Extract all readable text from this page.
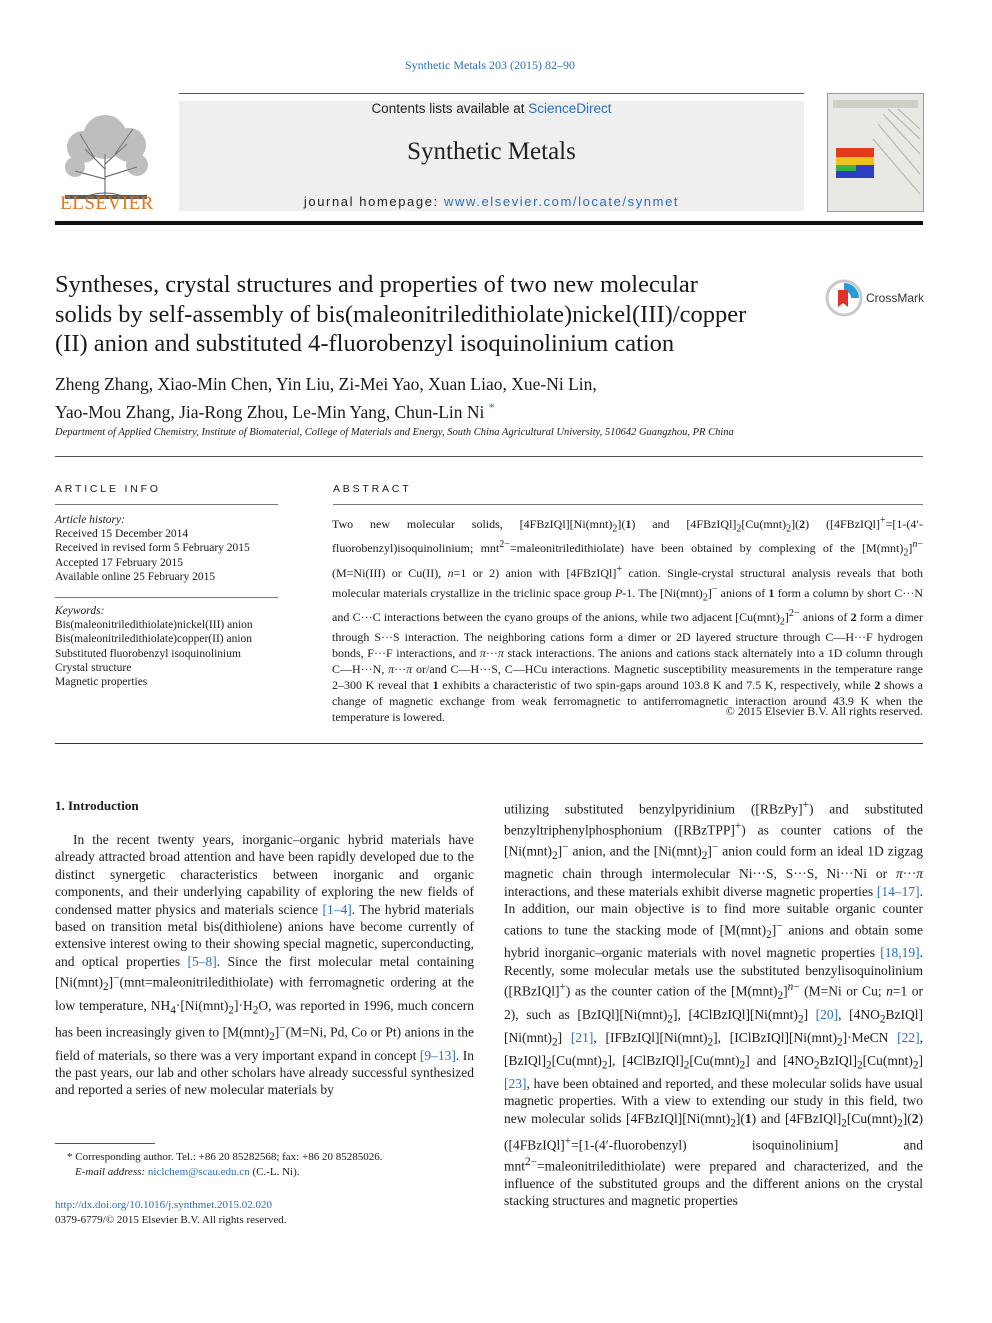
Synthetic Metals 203 (2015) 82–90
ELSEVIER
Contents lists available at ScienceDirect
Synthetic Metals
journal homepage: www.elsevier.com/locate/synmet
Syntheses, crystal structures and properties of two new molecular
solids by self-assembly of bis(maleonitriledithiolate)nickel(III)/copper
(II) anion and substituted 4-fluorobenzyl isoquinolinium cation
CrossMark
Zheng Zhang, Xiao-Min Chen, Yin Liu, Zi-Mei Yao, Xuan Liao, Xue-Ni Lin,
Yao-Mou Zhang, Jia-Rong Zhou, Le-Min Yang, Chun-Lin Ni *
Department of Applied Chemistry, Institute of Biomaterial, College of Materials and Energy, South China Agricultural University, 510642 Guangzhou, PR China
ARTICLE INFO	ABSTRACT
Article history:
Received 15 December 2014
Received in revised form 5 February 2015
Accepted 17 February 2015
Available online 25 February 2015
Keywords:
Bis(maleonitriledithiolate)nickel(III) anion
Bis(maleonitriledithiolate)copper(II) anion
Substituted fluorobenzyl isoquinolinium
Crystal structure
Magnetic properties
Two new molecular solids, $[4FBzIQl][Ni(mnt)_2](1)$ and $[4FBzIQl]_2[Cu(mnt)_2](2)$ ([4FBzIQl]+=[1-(4′-fluorobenzyl)isoquinolinium; mnt$^{2-}$=maleonitriledithiolate) have been obtained by complexing of the $[M(mnt)_2]^{n-}$ (M=Ni(III) or Cu(II), n=1 or 2) anion with [4FBzIQl]+ cation. Single-crystal structural analysis reveals that both molecular materials crystallize in the triclinic space group P-1. The $[Ni(mnt)_2]^-$ anions of 1 form a column by short C···N and C···C interactions between the cyano groups of the anions, while two adjacent $[Cu(mnt)_2]^{2-}$ anions of 2 form a dimer through S···S interaction. The neighboring cations form a dimer or 2D layered structure through C—H···F hydrogen bonds, F···F interactions, and π···π stack interactions. The anions and cations stack alternately into a 1D column through C—H···N, π···π or/and C—H···S, C—HCu interactions. Magnetic susceptibility measurements in the temperature range 2–300 K reveal that 1 exhibits a characteristic of two spin-gaps around 103.8 K and 7.5 K, respectively, while 2 shows a change of magnetic exchange from weak ferromagnetic to antiferromagnetic interaction around 43.9 K when the temperature is lowered.	© 2015 Elsevier B.V. All rights reserved.
1. Introduction
In the recent twenty years, inorganic–organic hybrid materials have already attracted broad attention and have been rapidly developed due to the distinct synergetic characteristics between inorganic and organic components, and their underlying capability of exploring the new fields of condensed matter physics and materials science [1–4]. The hybrid materials based on transition metal bis(dithiolene) anions have become currently of extensive interest owing to their showing special magnetic, superconducting, and optical properties [5–8]. Since the first molecular metal containing $[Ni(mnt)_2]^-(mnt=maleonitriledithiolate)$ with ferromagnetic ordering at the low temperature, $NH_4\cdot[Ni(mnt)_2]\cdot H_2O$, was reported in 1996, much concern has been increasingly given to $[M(mnt)_2]^-(M=Ni$, Pd, Co or Pt) anions in the field of materials, so there was a very important expand in concept [9–13]. In the past years, our lab and other scholars have already successful synthesized and reported a series of new molecular materials by
utilizing substituted benzylpyridinium ([RBzPy]+) and substituted benzyltriphenylphosphonium ([RBzTPP]+) as counter cations of the $[Ni(mnt)_2]^-$ anion, and the $[Ni(mnt)_2]^-$ anion could form an ideal 1D zigzag magnetic chain through intermolecular Ni···S, S···S, Ni···Ni or π···π interactions, and these materials exhibit diverse magnetic properties [14–17]. In addition, our main objective is to find more suitable organic counter cations to tune the stacking mode of $[M(mnt)_2]^-$ anions and obtain some hybrid inorganic–organic materials with novel magnetic properties [18,19]. Recently, some molecular metals use the substituted benzylisoquinolinium ([RBzIQl]+) as the counter cation of the $[M(mnt)_2]^{n-}$ (M=Ni or Cu; n=1 or 2), such as $[BzIQl][Ni(mnt)_2]$, $[4ClBzIQl][Ni(mnt)_2]$ [20], $[4NO_2BzIQl][Ni(mnt)_2]$ [21], $[IFBzIQl][Ni(mnt)_2]$, $[IClBzIQl][Ni(mnt)_2]\cdot MeCN$ [22], $[BzIQl]_2[Cu(mnt)_2]$, $[4ClBzIQl]_2[Cu(mnt)_2]$ and $[4NO_2BzIQl]_2[Cu(mnt)_2]$ [23], have been obtained and reported, and these molecular solids have usual magnetic properties. With a view to extending our study in this field, two new molecular solids $[4FBzIQl][Ni(mnt)_2](1)$ and $[4FBzIQl]_2[Cu(mnt)_2](2)$ ([4FBzIQl]+=[1-(4′-fluorobenzyl) isoquinolinium] and mnt$^{2-}$=maleonitriledithiolate) were prepared and characterized, and the influence of the substituted groups and the different anions on the crystal stacking structures and magnetic properties
* Corresponding author. Tel.: +86 20 85282568; fax: +86 20 85285026.
E-mail address: niclchem@scau.edu.cn (C.-L. Ni).
http://dx.doi.org/10.1016/j.synthmet.2015.02.020
0379-6779/© 2015 Elsevier B.V. All rights reserved.
